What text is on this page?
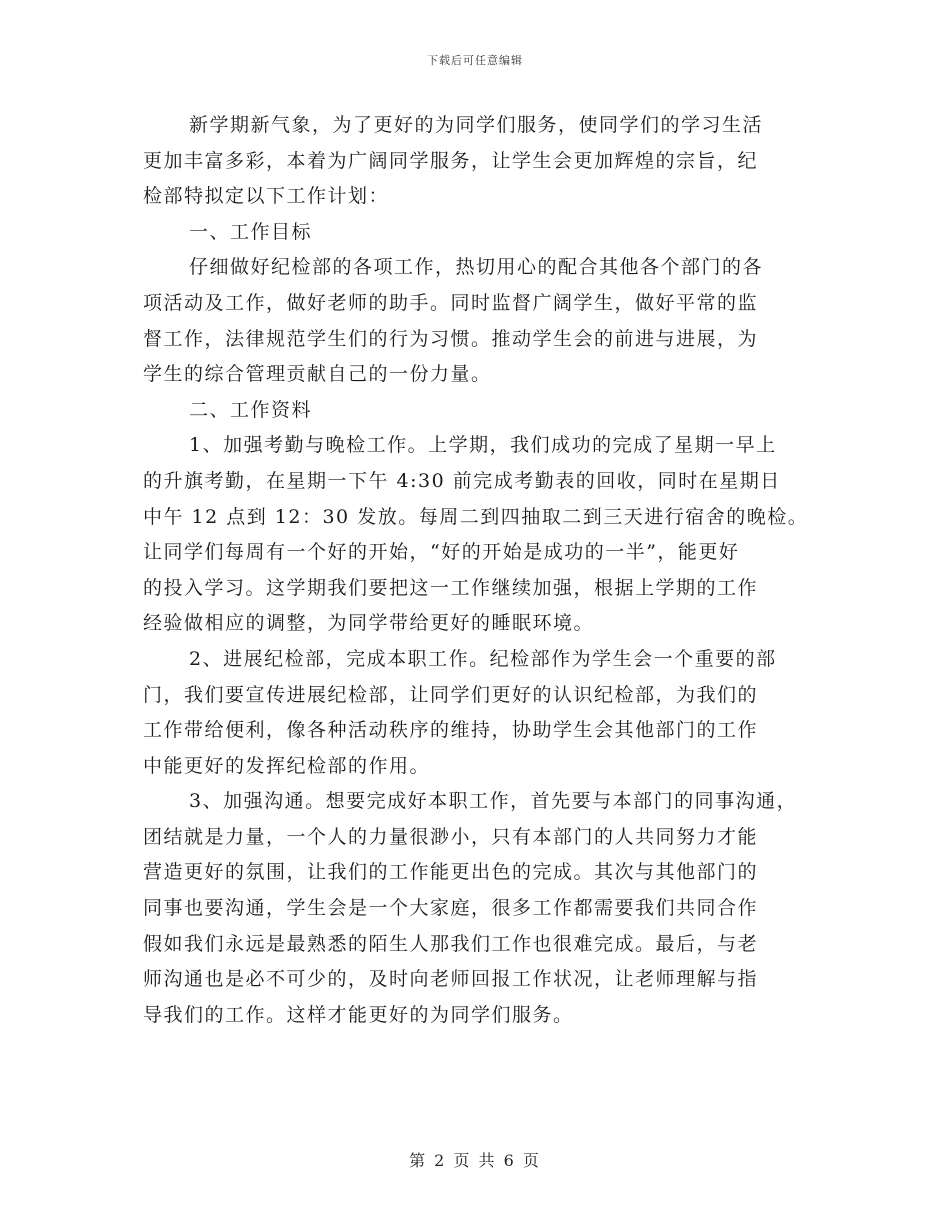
下载后可任意编辑
新学期新气象，为了更好的为同学们服务，使同学们的学习生活
更加丰富多彩，本着为广阔同学服务，让学生会更加辉煌的宗旨，纪
检部特拟定以下工作计划：
一、工作目标
仔细做好纪检部的各项工作，热切用心的配合其他各个部门的各
项活动及工作，做好老师的助手。同时监督广阔学生，做好平常的监
督工作，法律规范学生们的行为习惯。推动学生会的前进与进展，为
学生的综合管理贡献自己的一份力量。
二、工作资料
1、加强考勤与晚检工作。上学期，我们成功的完成了星期一早上
的升旗考勤，在星期一下午 4:30 前完成考勤表的回收，同时在星期日
中午 12 点到 12：30 发放。每周二到四抽取二到三天进行宿舍的晚检。
让同学们每周有一个好的开始，“好的开始是成功的一半”，能更好
的投入学习。这学期我们要把这一工作继续加强，根据上学期的工作
经验做相应的调整，为同学带给更好的睡眠环境。
2、进展纪检部，完成本职工作。纪检部作为学生会一个重要的部
门，我们要宣传进展纪检部，让同学们更好的认识纪检部，为我们的
工作带给便利，像各种活动秩序的维持，协助学生会其他部门的工作
中能更好的发挥纪检部的作用。
3、加强沟通。想要完成好本职工作，首先要与本部门的同事沟通，
团结就是力量，一个人的力量很渺小，只有本部门的人共同努力才能
营造更好的氛围，让我们的工作能更出色的完成。其次与其他部门的
同事也要沟通，学生会是一个大家庭，很多工作都需要我们共同合作
假如我们永远是最熟悉的陌生人那我们工作也很难完成。最后，与老
师沟通也是必不可少的，及时向老师回报工作状况，让老师理解与指
导我们的工作。这样才能更好的为同学们服务。
第 2 页 共 6 页
